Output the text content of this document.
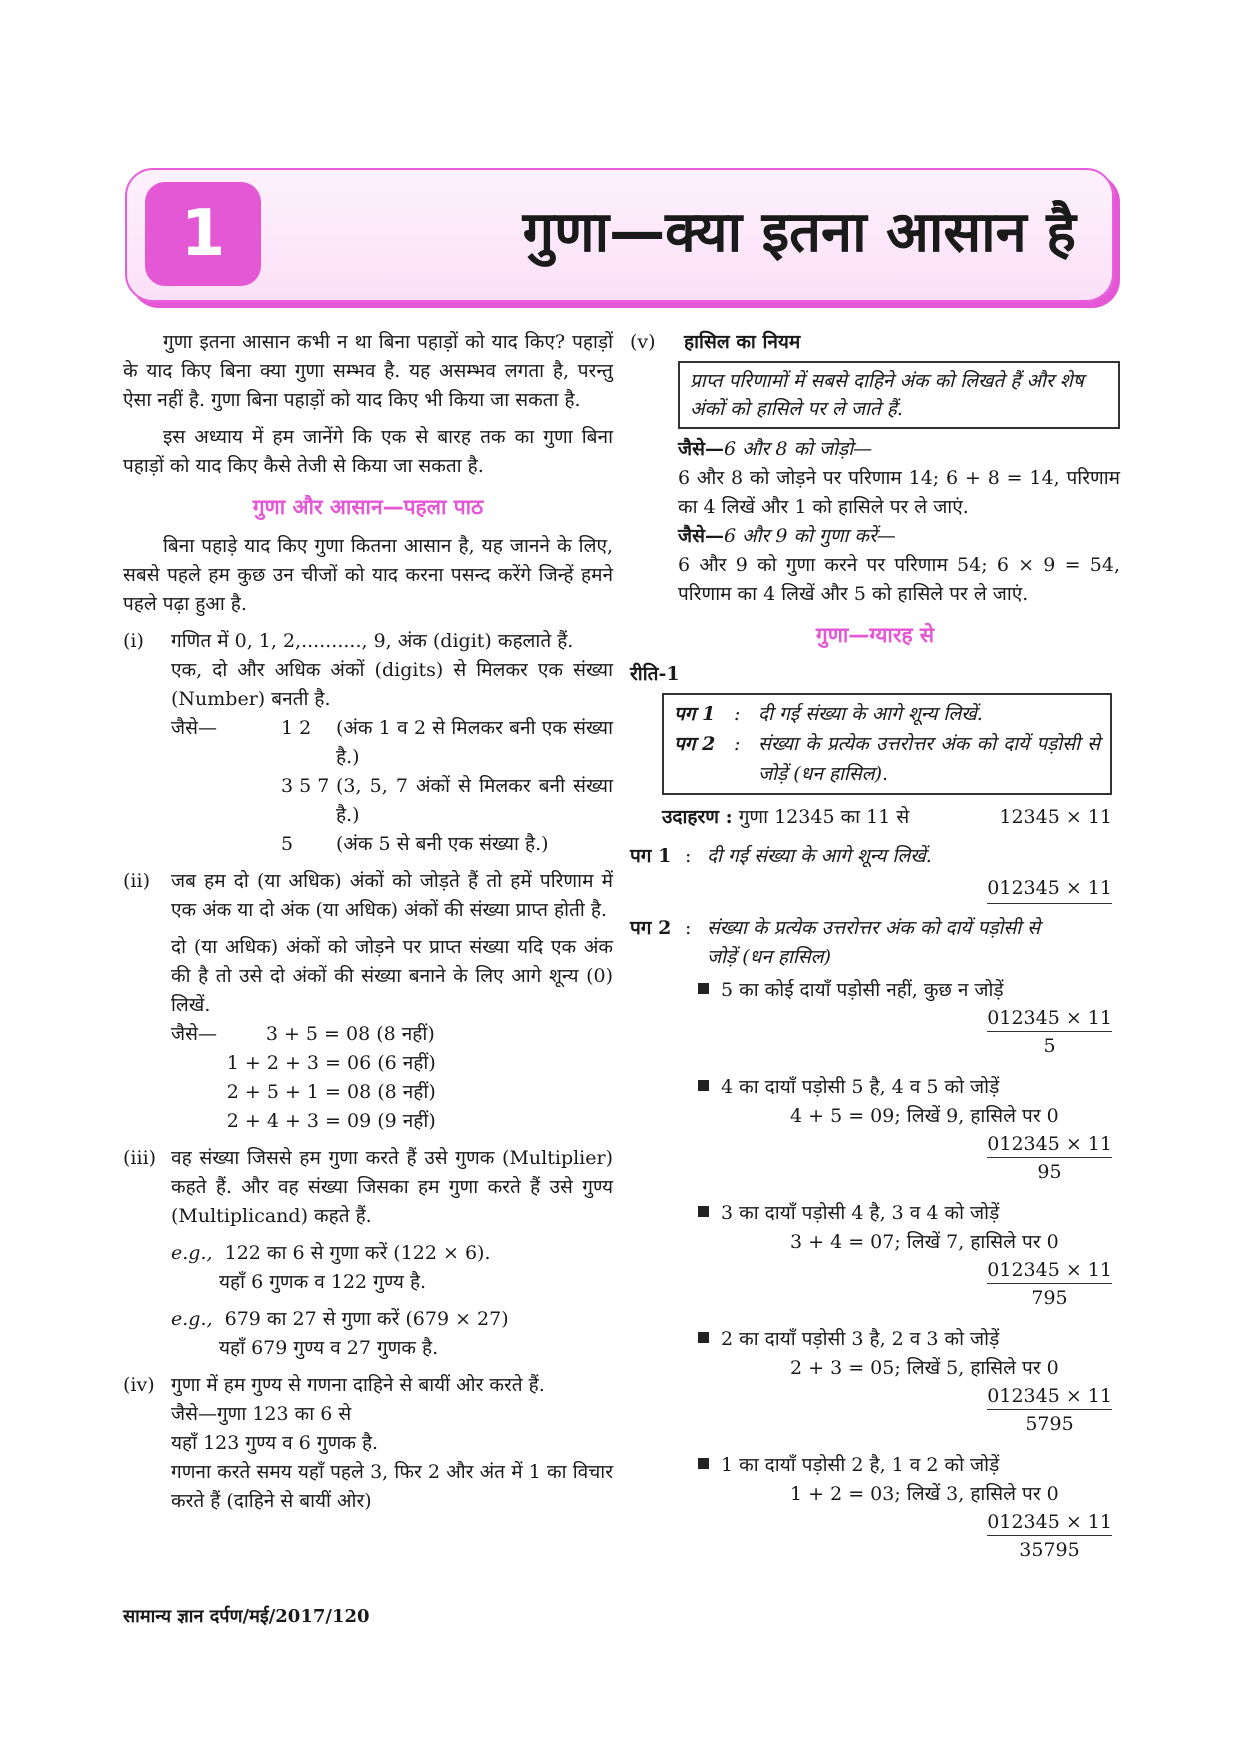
1	गुणा—क्या इतना आसान है

गुणा इतना आसान कभी न था बिना पहाड़ों को याद किए? पहाड़ों के याद किए बिना क्या गुणा सम्भव है. यह असम्भव लगता है, परन्तु ऐसा नहीं है. गुणा बिना पहाड़ों को याद किए भी किया जा सकता है.

इस अध्याय में हम जानेंगे कि एक से बारह तक का गुणा बिना पहाड़ों को याद किए कैसे तेजी से किया जा सकता है.

गुणा और आसान—पहला पाठ

बिना पहाड़े याद किए गुणा कितना आसान है, यह जानने के लिए, सबसे पहले हम कुछ उन चीजों को याद करना पसन्द करेंगे जिन्हें हमने पहले पढ़ा हुआ है.

(i) गणित में 0, 1, 2,.........., 9, अंक (digit) कहलाते हैं.

एक, दो और अधिक अंकों (digits) से मिलकर एक संख्या (Number) बनती है.

जैसे—	1 2	(अंक 1 व 2 से मिलकर बनी एक संख्या है.)
3 5 7 (3, 5, 7 अंकों से मिलकर बनी संख्या है.)
5	(अंक 5 से बनी एक संख्या है.)
(ii) जब हम दो (या अधिक) अंकों को जोड़ते हैं तो हमें परिणाम में एक अंक या दो अंक (या अधिक) अंकों की संख्या प्राप्त होती है.

दो (या अधिक) अंकों को जोड़ने पर प्राप्त संख्या यदि एक अंक की है तो उसे दो अंकों की संख्या बनाने के लिए आगे शून्य (0) लिखें.

जैसे—	3 + 5 = 08 (8 नहीं)
1 + 2 + 3 = 06 (6 नहीं)
2 + 5 + 1 = 08 (8 नहीं)
2 + 4 + 3 = 09 (9 नहीं)
(iii) वह संख्या जिससे हम गुणा करते हैं उसे गुणक (Multiplier) कहते हैं. और वह संख्या जिसका हम गुणा करते हैं उसे गुण्य (Multiplicand) कहते हैं.

e.g., 122 का 6 से गुणा करें (122 × 6).

यहाँ 6 गुणक व 122 गुण्य है.

e.g., 679 का 27 से गुणा करें (679 × 27)

यहाँ 679 गुण्य व 27 गुणक है.

(iv) गुणा में हम गुण्य से गणना दाहिने से बायीं ओर करते हैं.

जैसे—गुणा 123 का 6 से

यहाँ 123 गुण्य व 6 गुणक है.

गणना करते समय यहाँ पहले 3, फिर 2 और अंत में 1 का विचार करते हैं (दाहिने से बायीं ओर)

(v) हासिल का नियम
प्राप्त परिणामों में सबसे दाहिने अंक को लिखते हैं और शेष अंकों को हासिले पर ले जाते हैं.

जैसे—6 और 8 को जोड़ो—

6 और 8 को जोड़ने पर परिणाम 14; 6 + 8 = 14, परिणाम का 4 लिखें और 1 को हासिले पर ले जाएं.

जैसे—6 और 9 को गुणा करें—

6 और 9 को गुणा करने पर परिणाम 54; 6 × 9 = 54, परिणाम का 4 लिखें और 5 को हासिले पर ले जाएं.

गुणा—ग्यारह से
रीति-1
पग 1 : दी गई संख्या के आगे शून्य लिखें.
पग 2 : संख्या के प्रत्येक उत्तरोत्तर अंक को दायें पड़ोसी से जोड़ें (धन हासिल).
उदाहरण : गुणा 12345 का 11 से	12345 × 11
पग 1 : दी गई संख्या के आगे शून्य लिखें.
012345 × 11
पग 2 : संख्या के प्रत्येक उत्तरोत्तर अंक को दायें पड़ोसी से जोड़ें (धन हासिल)

5 का कोई दायाँ पड़ोसी नहीं, कुछ न जोड़ें

012345 × 11
5

4 का दायाँ पड़ोसी 5 है, 4 व 5 को जोड़ें

4 + 5 = 09; लिखें 9, हासिले पर 0

012345 × 11
95

3 का दायाँ पड़ोसी 4 है, 3 व 4 को जोड़ें

3 + 4 = 07; लिखें 7, हासिले पर 0

012345 × 11
795

2 का दायाँ पड़ोसी 3 है, 2 व 3 को जोड़ें

2 + 3 = 05; लिखें 5, हासिले पर 0

012345 × 11
5795

1 का दायाँ पड़ोसी 2 है, 1 व 2 को जोड़ें

1 + 2 = 03; लिखें 3, हासिले पर 0

012345 × 11
35795
सामान्य ज्ञान दर्पण/मई/2017/120
